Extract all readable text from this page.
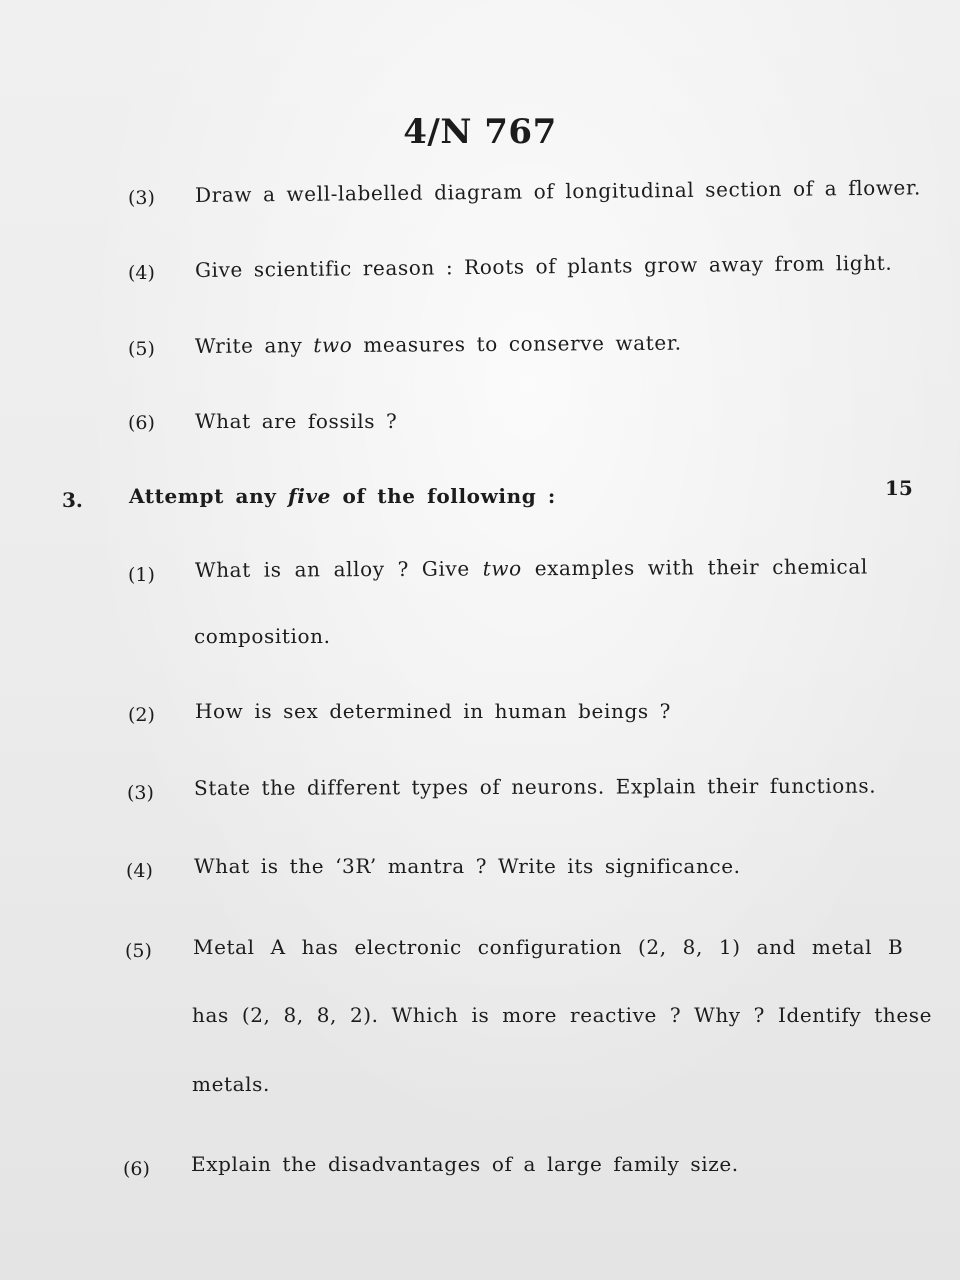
4/N 767
(3) Draw a well-labelled diagram of longitudinal section of a flower.
(4) Give scientific reason : Roots of plants grow away from light.
(5) Write any two measures to conserve water.
(6) What are fossils ?
3. Attempt any five of the following :	15
(1) What is an alloy ? Give two examples with their chemical
composition.
(2) How is sex determined in human beings ?
(3) State the different types of neurons. Explain their functions.
(4) What is the ‘3R’ mantra ? Write its significance.
(5) Metal A has electronic configuration (2, 8, 1) and metal B
has (2, 8, 8, 2). Which is more reactive ? Why ? Identify these
metals.
(6) Explain the disadvantages of a large family size.
